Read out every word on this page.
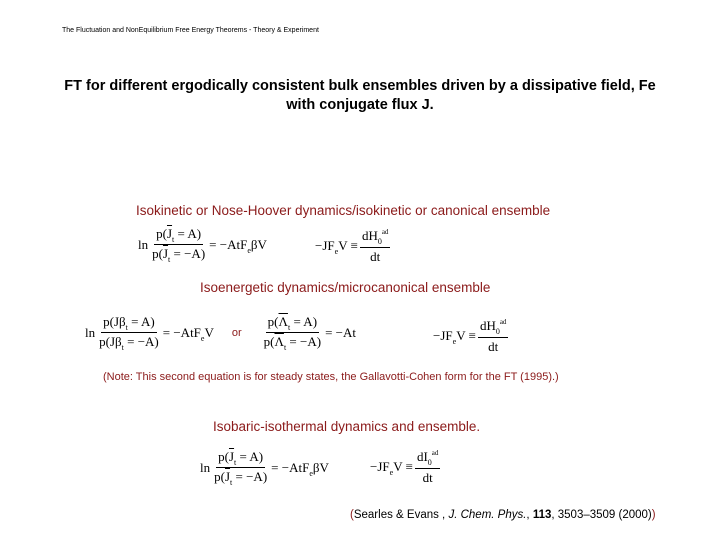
The Fluctuation and NonEquilibrium Free Energy Theorems - Theory & Experiment
FT for different ergodically consistent bulk ensembles driven by a dissipative field, Fe with conjugate flux J.
Isokinetic or Nose-Hoover dynamics/isokinetic or canonical ensemble
$\ln \frac{p(\overline{J}_t = A)}{p(\overline{J}_t = -A)} = -AtF_e\beta V$	$-JF_eV \equiv \frac{dH_0^{ad}}{dt}$
Isoenergetic dynamics/microcanonical ensemble
$\ln \frac{p(J\beta_t = A)}{p(J\beta_t = -A)} = -AtF_eV$ or $\frac{p(\overline{\Lambda}_t = A)}{p(\overline{\Lambda}_t = -A)} = -At$	$-JF_eV \equiv \frac{dH_0^{ad}}{dt}$
(Note: This second equation is for steady states, the Gallavotti-Cohen form for the FT (1995).)
Isobaric-isothermal dynamics and ensemble.
$\ln \frac{p(\overline{J}_t = A)}{p(\overline{J}_t = -A)} = -AtF_e\beta V$	$-JF_eV \equiv \frac{dI_0^{ad}}{dt}$
(Searles & Evans , J. Chem. Phys., 113, 3503–3509 (2000))
